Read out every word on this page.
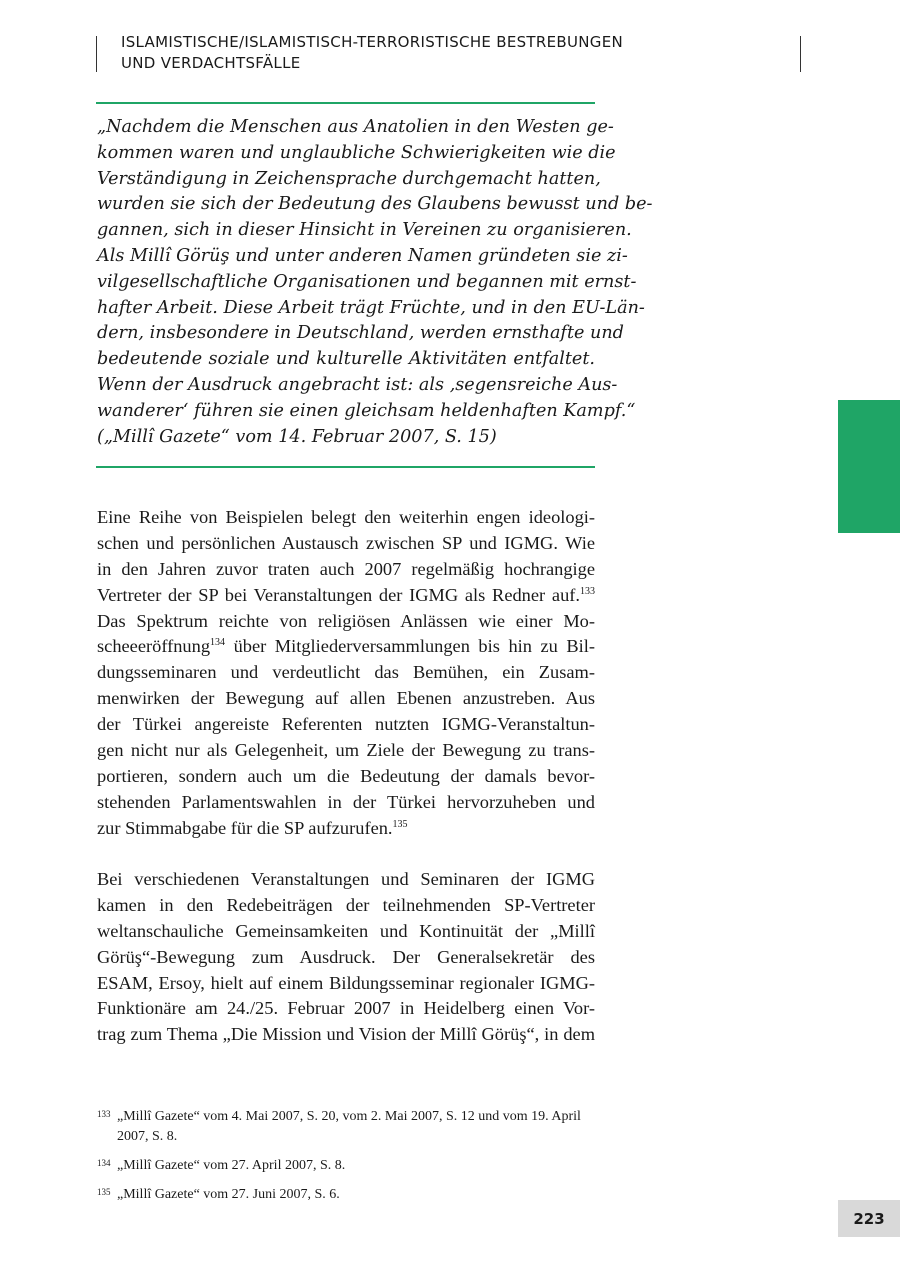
ISLAMISTISCHE/ISLAMISTISCH-TERRORISTISCHE BESTREBUNGEN
UND VERDACHTSFÄLLE
„Nachdem die Menschen aus Anatolien in den Westen ge-
kommen waren und unglaubliche Schwierigkeiten wie die
Verständigung in Zeichensprache durchgemacht hatten,
wurden sie sich der Bedeutung des Glaubens bewusst und be-
gannen, sich in dieser Hinsicht in Vereinen zu organisieren.
Als Millî Görüş und unter anderen Namen gründeten sie zi-
vilgesellschaftliche Organisationen und begannen mit ernst-
hafter Arbeit. Diese Arbeit trägt Früchte, und in den EU-Län-
dern, insbesondere in Deutschland, werden ernsthafte und
bedeutende soziale und kulturelle Aktivitäten entfaltet.
Wenn der Ausdruck angebracht ist: als ‚segensreiche Aus-
wanderer‘ führen sie einen gleichsam heldenhaften Kampf.“
(„Millî Gazete“ vom 14. Februar 2007, S. 15)
Eine Reihe von Beispielen belegt den weiterhin engen ideologi-
schen und persönlichen Austausch zwischen SP und IGMG. Wie
in den Jahren zuvor traten auch 2007 regelmäßig hochrangige
Vertreter der SP bei Veranstaltungen der IGMG als Redner auf.$^{133}$
Das Spektrum reichte von religiösen Anlässen wie einer Mo-
scheeeröffnung$^{134}$ über Mitgliederversammlungen bis hin zu Bil-
dungsseminaren und verdeutlicht das Bemühen, ein Zusam-
menwirken der Bewegung auf allen Ebenen anzustreben. Aus
der Türkei angereiste Referenten nutzten IGMG-Veranstaltun-
gen nicht nur als Gelegenheit, um Ziele der Bewegung zu trans-
portieren, sondern auch um die Bedeutung der damals bevor-
stehenden Parlamentswahlen in der Türkei hervorzuheben und
zur Stimmabgabe für die SP aufzurufen.$^{135}$
Bei verschiedenen Veranstaltungen und Seminaren der IGMG
kamen in den Redebeiträgen der teilnehmenden SP-Vertreter
weltanschauliche Gemeinsamkeiten und Kontinuität der „Millî
Görüş“-Bewegung zum Ausdruck. Der Generalsekretär des
ESAM, Ersoy, hielt auf einem Bildungsseminar regionaler IGMG-
Funktionäre am 24./25. Februar 2007 in Heidelberg einen Vor-
trag zum Thema „Die Mission und Vision der Millî Görüş“, in dem
133 „Millî Gazete“ vom 4. Mai 2007, S. 20, vom 2. Mai 2007, S. 12 und vom 19. April 2007, S. 8.
134 „Millî Gazete“ vom 27. April 2007, S. 8.
135 „Millî Gazete“ vom 27. Juni 2007, S. 6.
223
